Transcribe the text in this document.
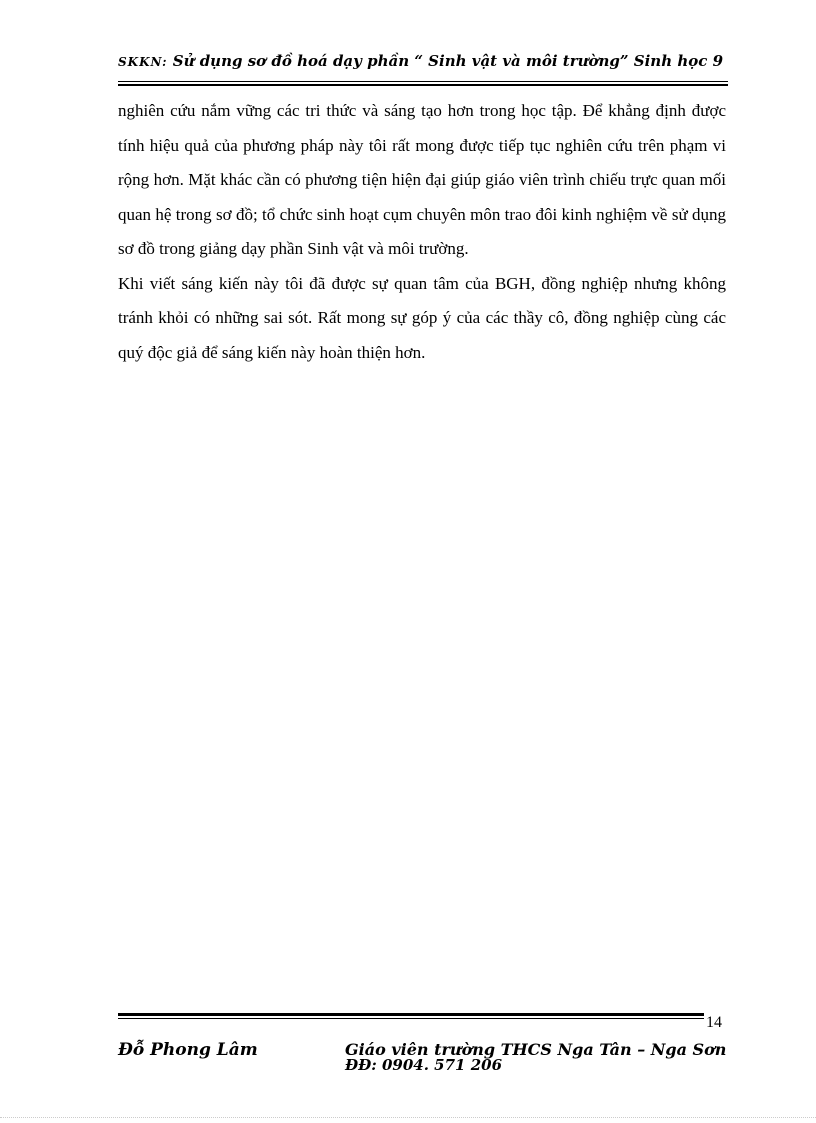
SKKN: Sử dụng sơ đồ hoá dạy phần “ Sinh vật và môi trường” Sinh học 9

nghiên cứu nắm vững các tri thức và sáng tạo hơn trong học tập. Để khẳng định được tính hiệu quả của phương pháp này tôi rất mong được tiếp tục nghiên cứu trên phạm vi rộng hơn. Mặt khác cần có phương tiện hiện đại giúp giáo viên trình chiếu trực quan mối quan hệ trong sơ đồ; tổ chức sinh hoạt cụm chuyên môn trao đôi kinh nghiệm về sử dụng sơ đồ trong giảng dạy phần Sinh vật và môi trường.

Khi viết sáng kiến này tôi đã được sự quan tâm của BGH, đồng nghiệp nhưng không tránh khỏi có những sai sót. Rất mong sự góp ý của các thầy cô, đồng nghiệp cùng các quý độc giả để sáng kiến này hoàn thiện hơn.

14
Đỗ Phong Lâm	Giáo viên trường THCS Nga Tân – Nga Sơn
ĐĐ: 0904. 571 206
